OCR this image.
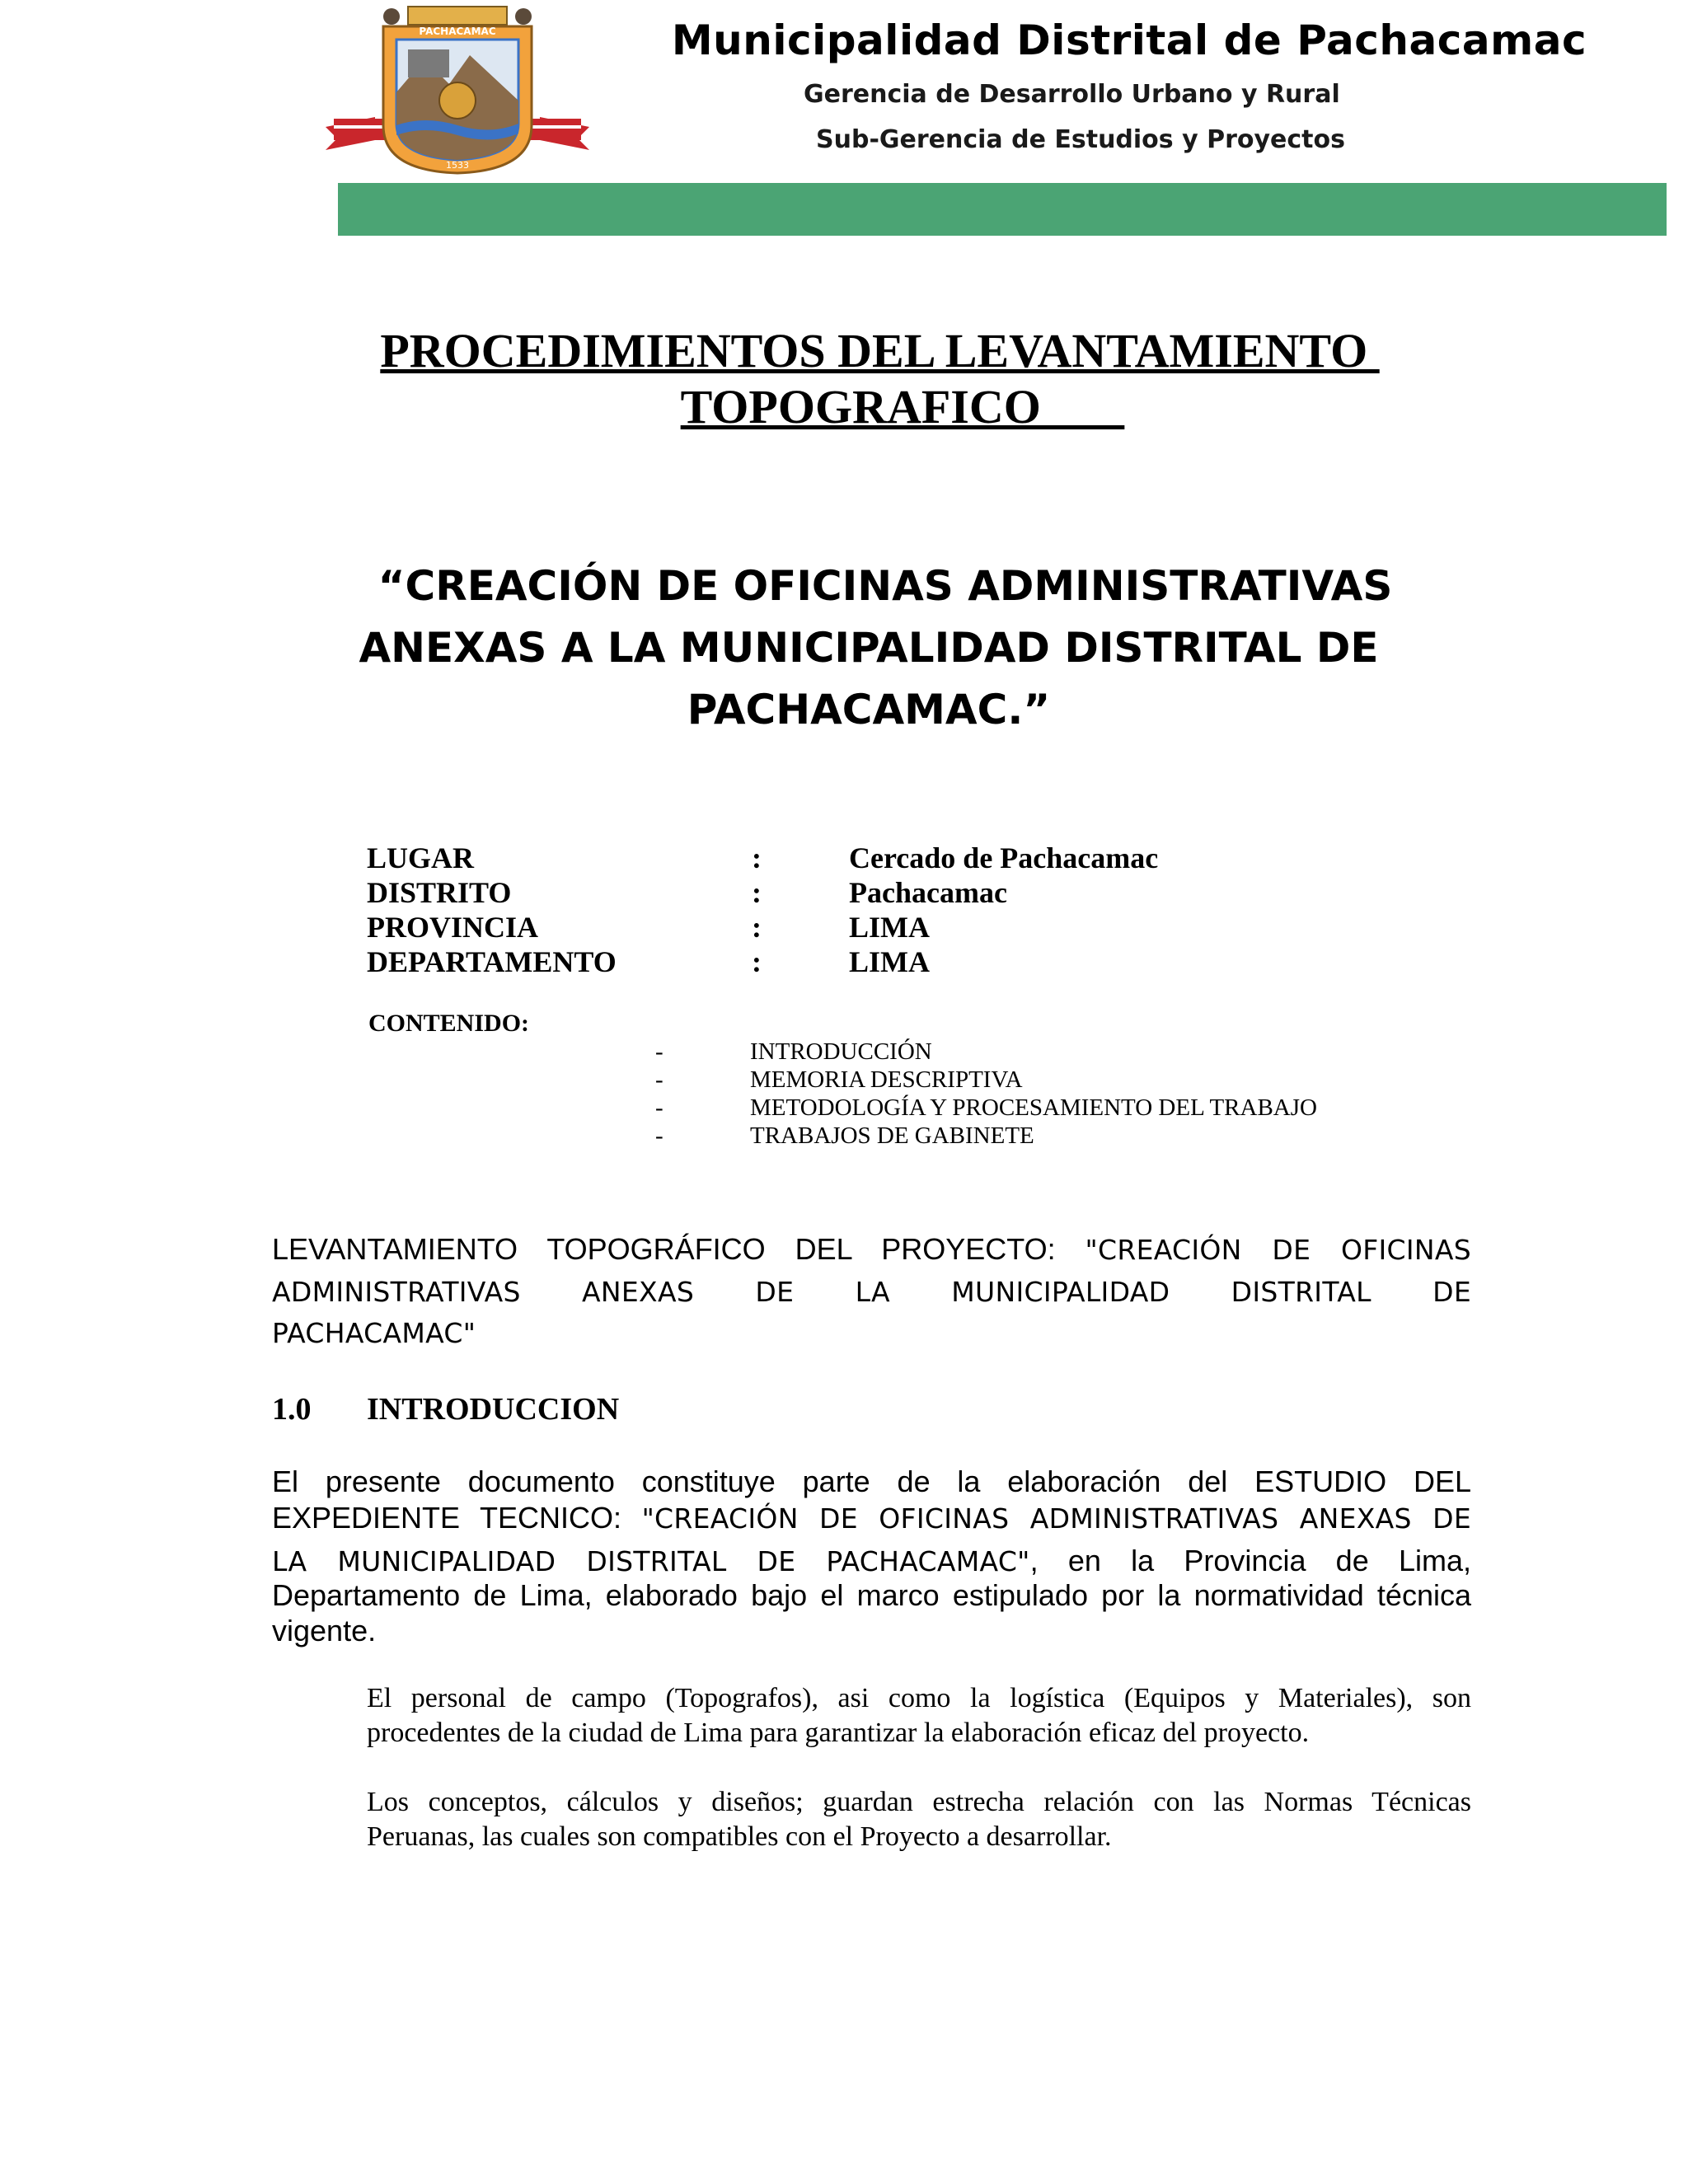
PACHACAMAC
1533
Municipalidad Distrital de Pachacamac
Gerencia de Desarrollo Urbano y Rural
Sub-Gerencia de Estudios y Proyectos
PROCEDIMIENTOS DEL LEVANTAMIENTO
TOPOGRAFICO
“CREACIÓN DE OFICINAS ADMINISTRATIVAS
ANEXAS A LA MUNICIPALIDAD DISTRITAL DE
PACHACAMAC.”
LUGAR	:	Cercado de Pachacamac
DISTRITO	:	Pachacamac
PROVINCIA	:	LIMA
DEPARTAMENTO	:	LIMA
CONTENIDO:
-	INTRODUCCIÓN
-	MEMORIA DESCRIPTIVA
-	METODOLOGÍA Y PROCESAMIENTO DEL TRABAJO
-	TRABAJOS DE GABINETE
LEVANTAMIENTO TOPOGRÁFICO DEL PROYECTO: "CREACIÓN DE OFICINAS
ADMINISTRATIVAS ANEXAS DE LA MUNICIPALIDAD DISTRITAL DE
PACHACAMAC"
1.0 INTRODUCCION
El presente documento constituye parte de la elaboración del ESTUDIO DEL
EXPEDIENTE TECNICO: "CREACIÓN DE OFICINAS ADMINISTRATIVAS ANEXAS DE
LA MUNICIPALIDAD DISTRITAL DE PACHACAMAC", en la Provincia de Lima,
Departamento de Lima, elaborado bajo el marco estipulado por la normatividad técnica
vigente.
El personal de campo (Topografos), asi como la logística (Equipos y Materiales), son
procedentes de la ciudad de Lima para garantizar la elaboración eficaz del proyecto.
Los conceptos, cálculos y diseños; guardan estrecha relación con las Normas Técnicas
Peruanas, las cuales son compatibles con el Proyecto a desarrollar.
